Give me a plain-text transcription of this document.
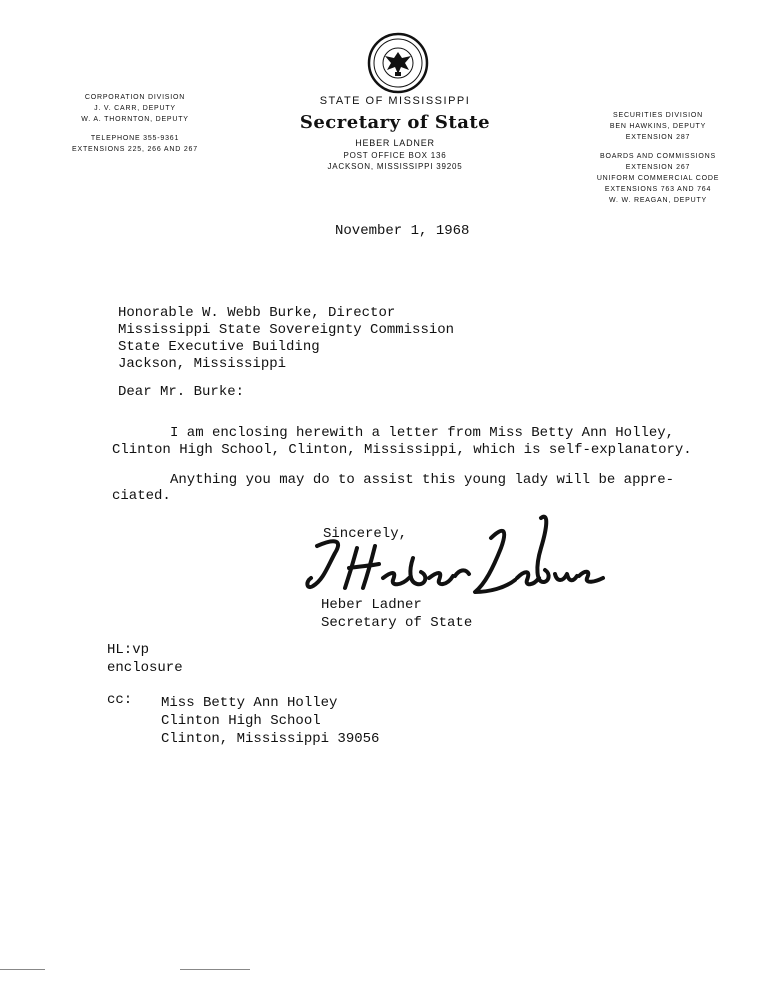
CORPORATION DIVISION
J. V. CARR, DEPUTY
W. A. THORNTON, DEPUTY
TELEPHONE 355-9361
EXTENSIONS 225, 266 AND 267
STATE OF MISSISSIPPI
Secretary of State
HEBER LADNER
POST OFFICE BOX 136
JACKSON, MISSISSIPPI 39205
SECURITIES DIVISION
BEN HAWKINS, DEPUTY
EXTENSION 287
BOARDS AND COMMISSIONS
EXTENSION 267
UNIFORM COMMERCIAL CODE
EXTENSIONS 763 AND 764
W. W. REAGAN, DEPUTY
November 1, 1968
Honorable W. Webb Burke, Director
Mississippi State Sovereignty Commission
State Executive Building
Jackson, Mississippi
Dear Mr. Burke:
I am enclosing herewith a letter from Miss Betty Ann Holley,
Clinton High School, Clinton, Mississippi, which is self-explanatory.
Anything you may do to assist this young lady will be appre-
ciated.
Sincerely,
Heber Ladner
Secretary of State
HL:vp
enclosure
cc: Miss Betty Ann Holley
Clinton High School
Clinton, Mississippi 39056
